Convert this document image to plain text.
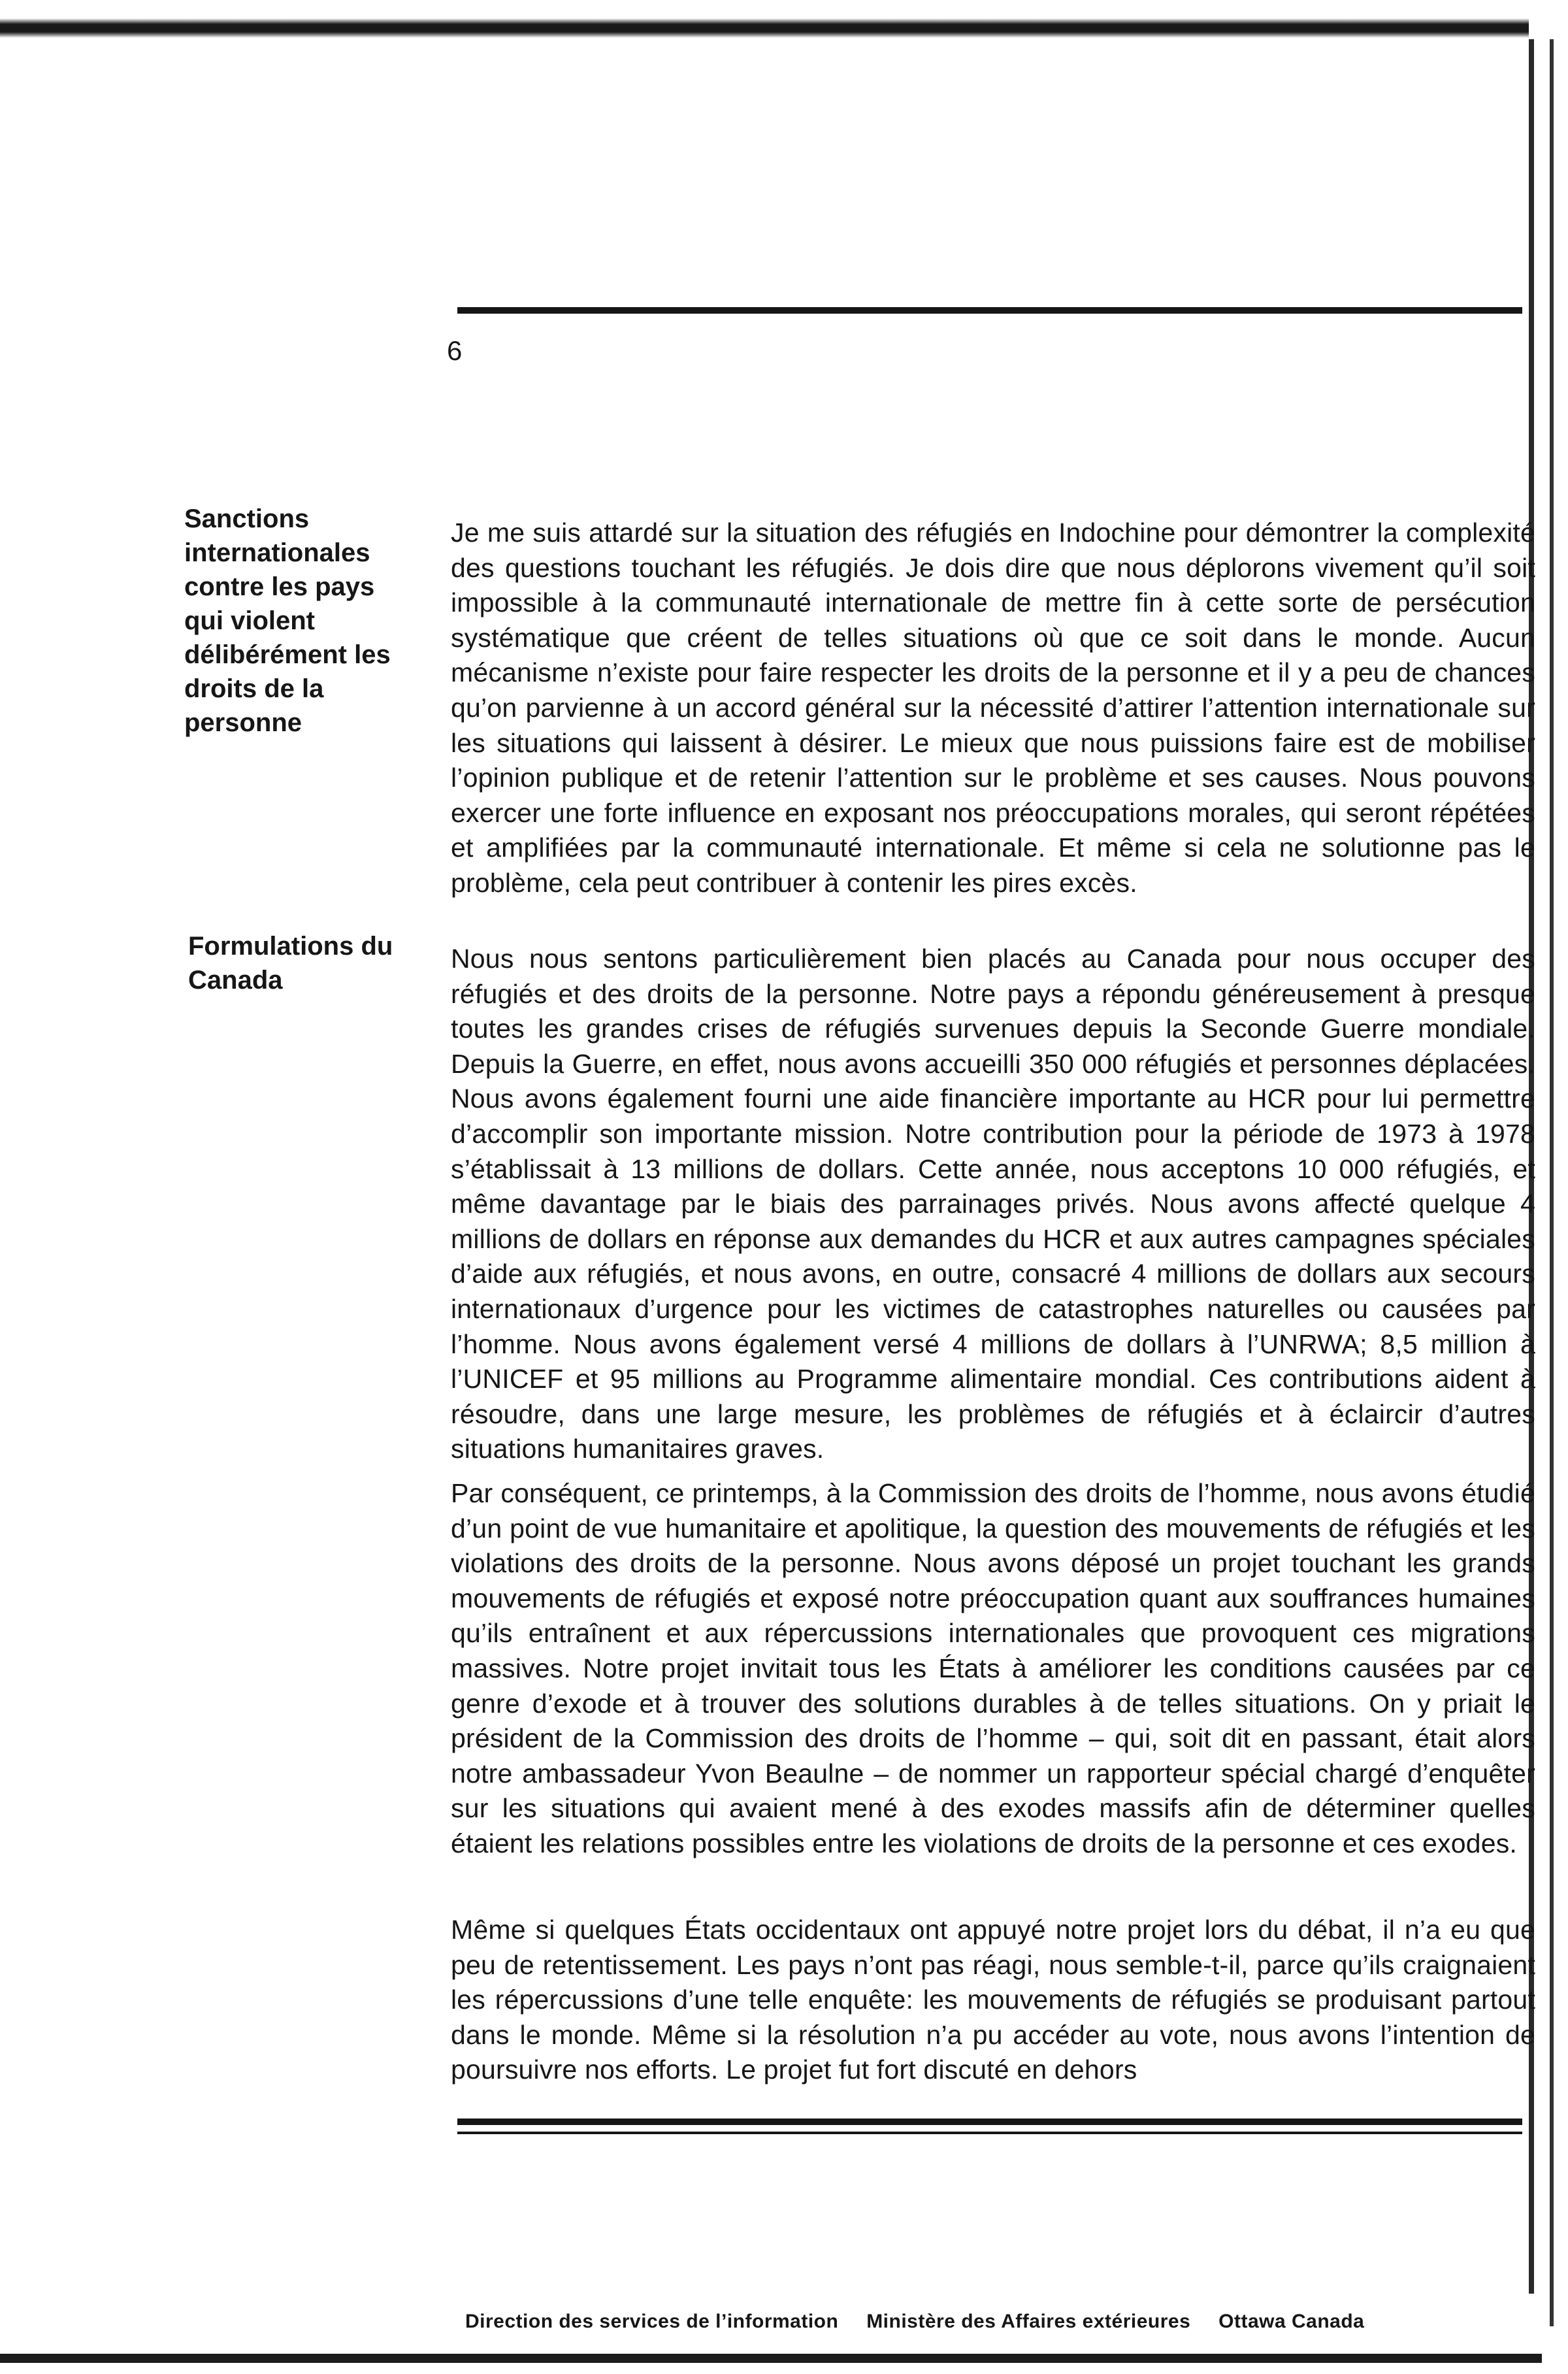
6
Sanctions internationales contre les pays qui violent délibérément les droits de la personne
Formulations du Canada

Je me suis attardé sur la situation des réfugiés en Indochine pour démontrer la complexité des questions touchant les réfugiés. Je dois dire que nous déplorons vivement qu’il soit impossible à la communauté internationale de mettre fin à cette sorte de persécution systématique que créent de telles situations où que ce soit dans le monde. Aucun mécanisme n’existe pour faire respecter les droits de la personne et il y a peu de chances qu’on parvienne à un accord général sur la nécessité d’attirer l’attention internationale sur les situations qui laissent à désirer. Le mieux que nous puissions faire est de mobiliser l’opinion publique et de retenir l’attention sur le problème et ses causes. Nous pouvons exercer une forte influence en exposant nos préoccupations morales, qui seront répétées et amplifiées par la communauté internationale. Et même si cela ne solutionne pas le problème, cela peut contribuer à contenir les pires excès.

Nous nous sentons particulièrement bien placés au Canada pour nous occuper des réfugiés et des droits de la personne. Notre pays a répondu généreusement à presque toutes les grandes crises de réfugiés survenues depuis la Seconde Guerre mondiale. Depuis la Guerre, en effet, nous avons accueilli 350 000 réfugiés et personnes déplacées. Nous avons également fourni une aide financière importante au HCR pour lui permettre d’accomplir son importante mission. Notre contribution pour la période de 1973 à 1978 s’établissait à 13 millions de dollars. Cette année, nous acceptons 10 000 réfugiés, et même davantage par le biais des parrainages privés. Nous avons affecté quelque 4 millions de dollars en réponse aux demandes du HCR et aux autres campagnes spéciales d’aide aux réfugiés, et nous avons, en outre, consacré 4 millions de dollars aux secours internationaux d’urgence pour les victimes de catastrophes naturelles ou causées par l’homme. Nous avons également versé 4 millions de dollars à l’UNRWA; 8,5 million à l’UNICEF et 95 millions au Programme alimentaire mondial. Ces contributions aident à résoudre, dans une large mesure, les problèmes de réfugiés et à éclaircir d’autres situations humanitaires graves.

Par conséquent, ce printemps, à la Commission des droits de l’homme, nous avons étudié d’un point de vue humanitaire et apolitique, la question des mouvements de réfugiés et les violations des droits de la personne. Nous avons déposé un projet touchant les grands mouvements de réfugiés et exposé notre préoccupation quant aux souffrances humaines qu’ils entraînent et aux répercussions internationales que provoquent ces migrations massives. Notre projet invitait tous les États à améliorer les conditions causées par ce genre d’exode et à trouver des solutions durables à de telles situations. On y priait le président de la Commission des droits de l’homme – qui, soit dit en passant, était alors notre ambassadeur Yvon Beaulne – de nommer un rapporteur spécial chargé d’enquêter sur les situations qui avaient mené à des exodes massifs afin de déterminer quelles étaient les relations possibles entre les violations de droits de la personne et ces exodes.

Même si quelques États occidentaux ont appuyé notre projet lors du débat, il n’a eu que peu de retentissement. Les pays n’ont pas réagi, nous semble-t-il, parce qu’ils craignaient les répercussions d’une telle enquête: les mouvements de réfugiés se produisant partout dans le monde. Même si la résolution n’a pu accéder au vote, nous avons l’intention de poursuivre nos efforts. Le projet fut fort discuté en dehors

Direction des services de l’information Ministère des Affaires extérieures Ottawa Canada
